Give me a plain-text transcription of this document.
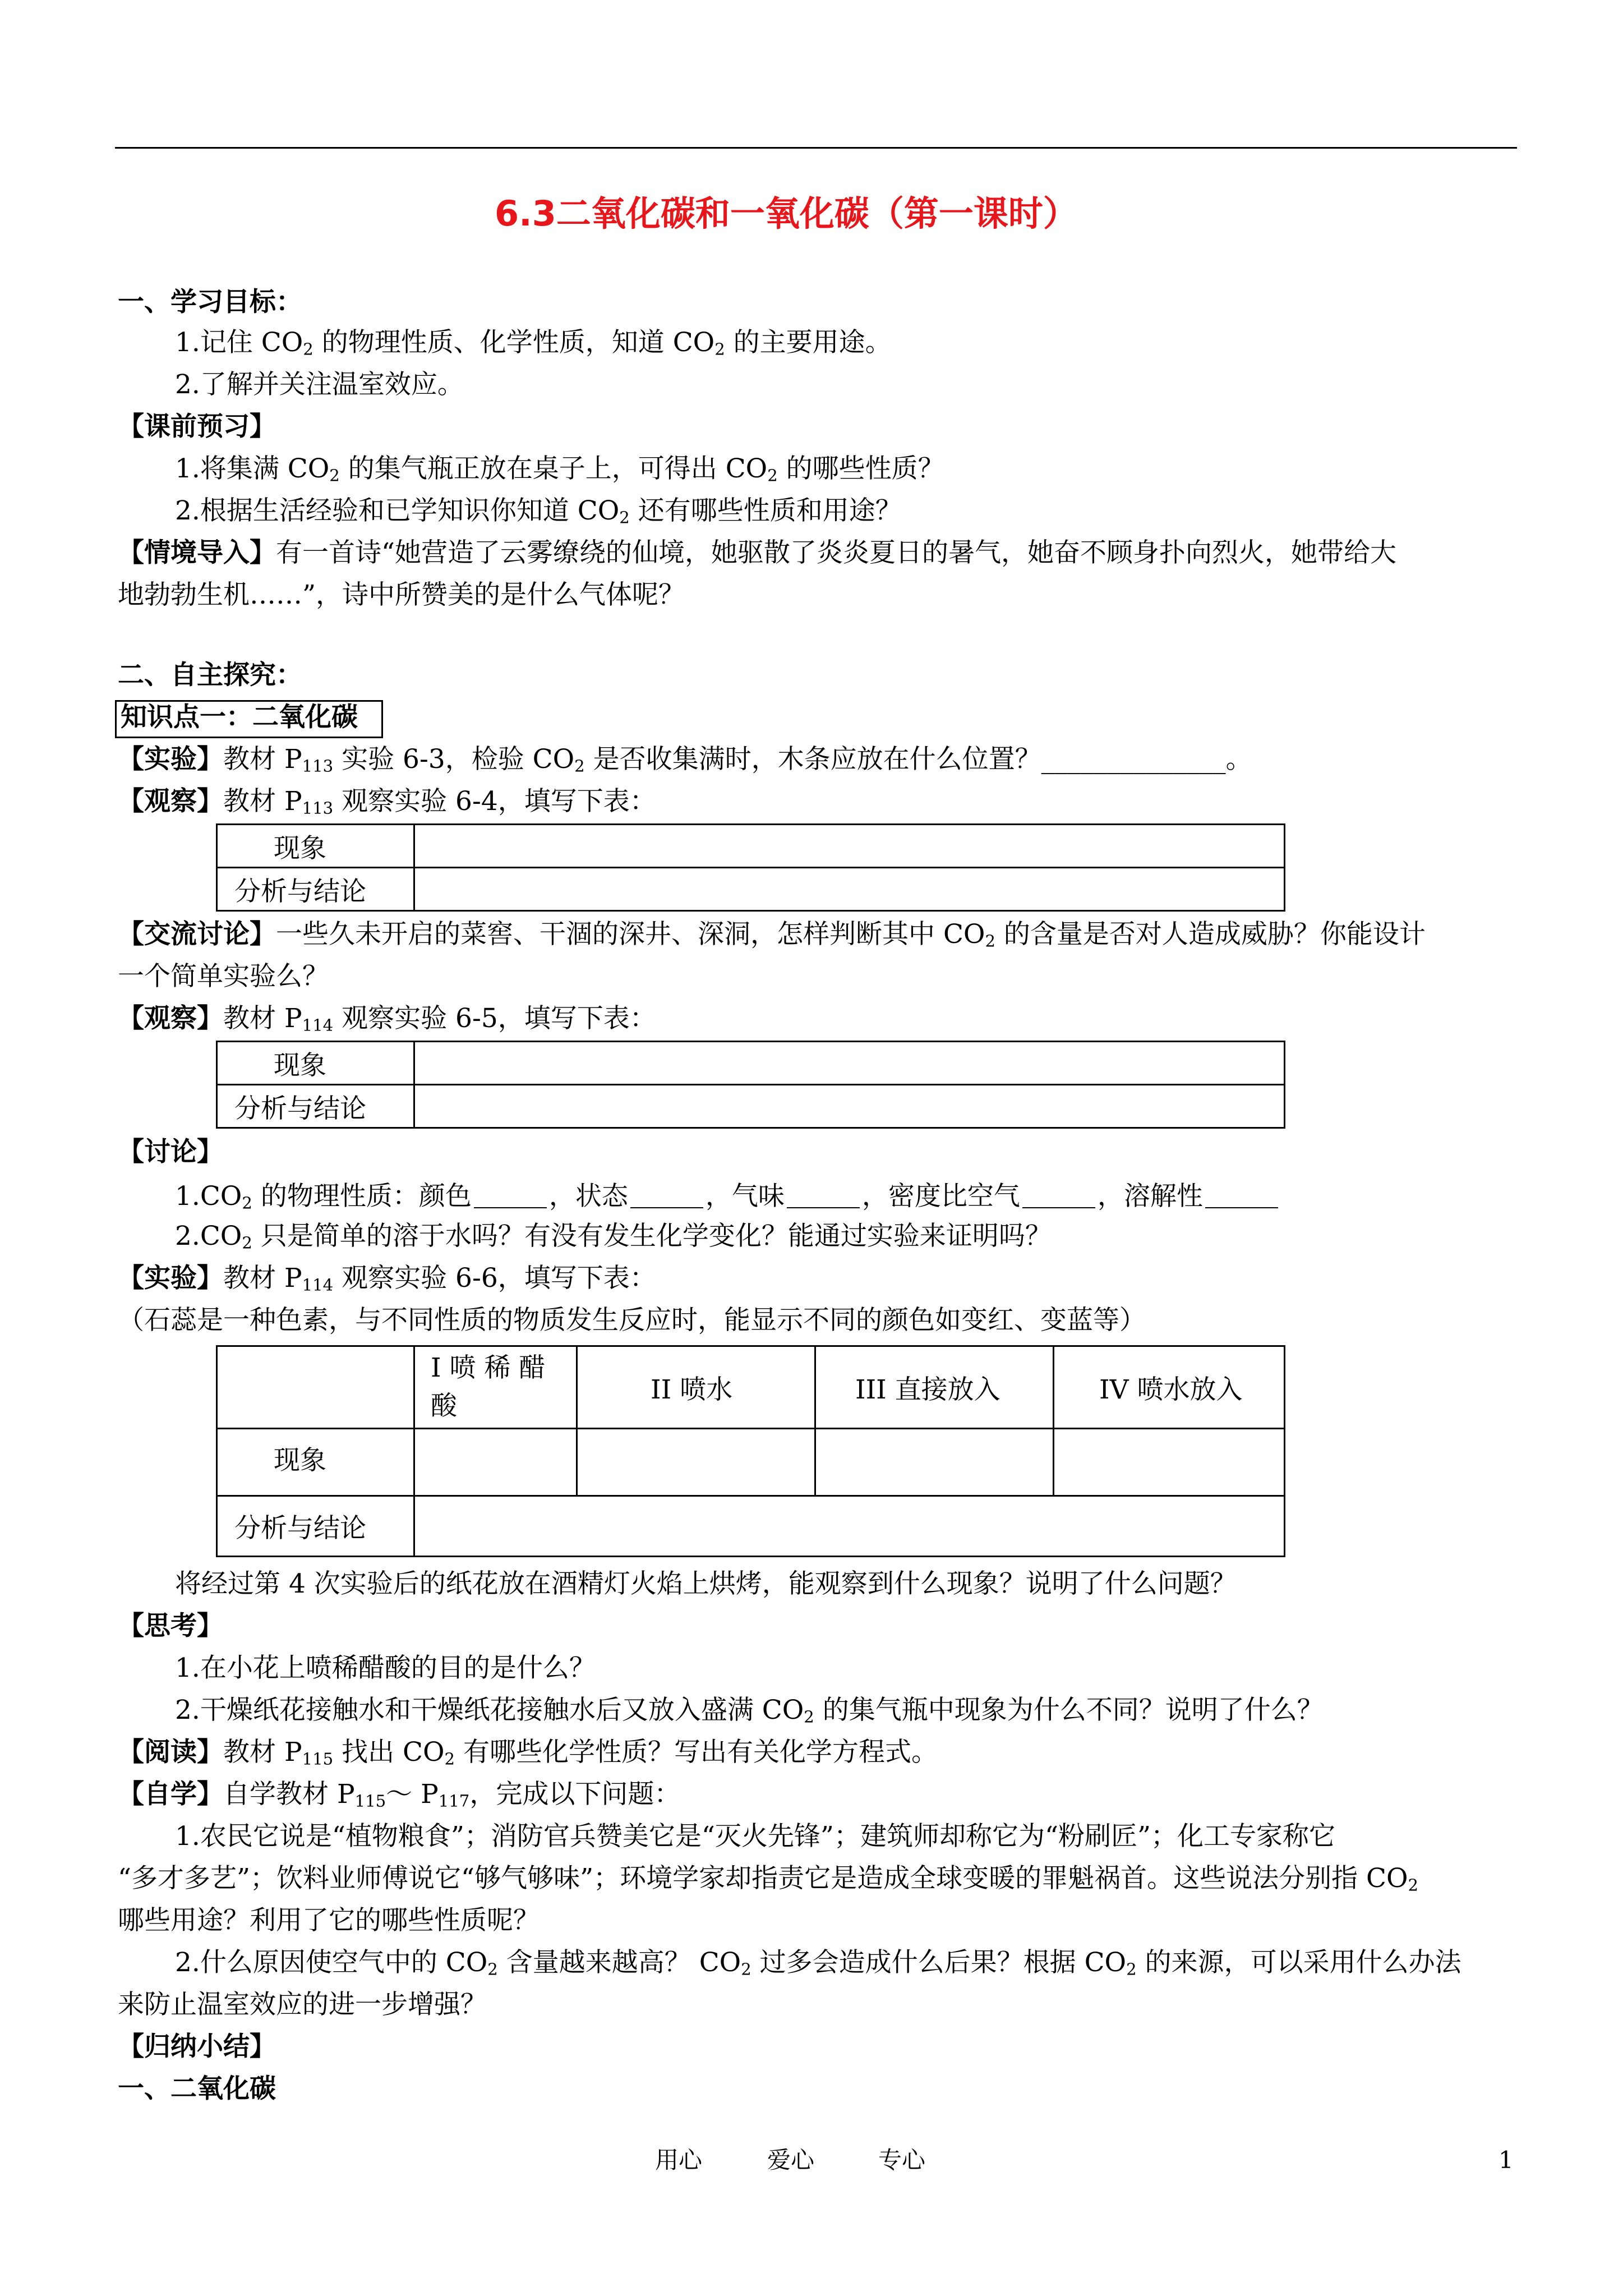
6.3二氧化碳和一氧化碳（第一课时）
一、学习目标：
1.记住 $CO_2$ 的物理性质、化学性质，知道 $CO_2$ 的主要用途。
2.了解并关注温室效应。
【课前预习】
1.将集满 $CO_2$ 的集气瓶正放在桌子上，可得出 $CO_2$ 的哪些性质？
2.根据生活经验和已学知识你知道 $CO_2$ 还有哪些性质和用途？
【情境导入】有一首诗“她营造了云雾缭绕的仙境，她驱散了炎炎夏日的暑气，她奋不顾身扑向烈火，她带给大
地勃勃生机……”，诗中所赞美的是什么气体呢？
二、自主探究：
知识点一：二氧化碳
【实验】教材 $P_{113}$ 实验 6-3，检验 $CO_2$ 是否收集满时，木条应放在什么位置？______________。
【观察】教材 $P_{113}$ 观察实验 6-4，填写下表：
现象	
分析与结论	
【交流讨论】一些久未开启的菜窖、干涸的深井、深洞，怎样判断其中 $CO_2$ 的含量是否对人造成威胁？你能设计
一个简单实验么？
【观察】教材 $P_{114}$ 观察实验 6-5，填写下表：
现象	
分析与结论	
【讨论】
$1.CO_2$ 的物理性质：颜色	，状态	，气味	，密度比空气	，溶解性
$2.CO_2$ 只是简单的溶于水吗？有没有发生化学变化？能通过实验来证明吗？
【实验】教材 $P_{114}$ 观察实验 6-6，填写下表：
（石蕊是一种色素，与不同性质的物质发生反应时，能显示不同的颜色如变红、变蓝等）
	I 喷 稀 醋
酸	II 喷水	III 直接放入	IV 喷水放入
现象				
分析与结论				
将经过第 4 次实验后的纸花放在酒精灯火焰上烘烤，能观察到什么现象？说明了什么问题？
【思考】
1.在小花上喷稀醋酸的目的是什么？
2.干燥纸花接触水和干燥纸花接触水后又放入盛满 $CO_2$ 的集气瓶中现象为什么不同？说明了什么？
【阅读】教材 $P_{115}$ 找出 $CO_2$ 有哪些化学性质？写出有关化学方程式。
【自学】自学教材 $P_{115}\sim$ $P_{117}$，完成以下问题：
1.农民它说是“植物粮食”；消防官兵赞美它是“灭火先锋”；建筑师却称它为“粉刷匠”；化工专家称它
“多才多艺”；饮料业师傅说它“够气够味”；环境学家却指责它是造成全球变暖的罪魁祸首。这些说法分别指 $CO_2$
哪些用途？利用了它的哪些性质呢？
2.什么原因使空气中的 $CO_2$ 含量越来越高？ $CO_2$ 过多会造成什么后果？根据 $CO_2$ 的来源，可以采用什么办法
来防止温室效应的进一步增强？
【归纳小结】
一、二氧化碳
用心	爱心	专心	1
